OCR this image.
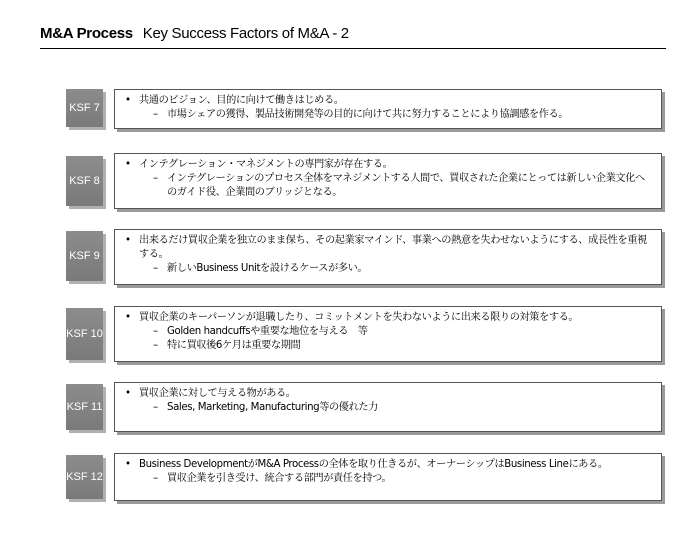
M&A Process Key Success Factors of M&A - 2
KSF 7
• 共通のビジョン、目的に向けて働きはじめる。
– 市場シェアの獲得、製品技術開発等の目的に向けて共に努力することにより協調感を作る。
KSF 8
• インテグレーション・マネジメントの専門家が存在する。
– インテグレーションのプロセス全体をマネジメントする人間で、買収された企業にとっては新しい企業文化へのガイド役、企業間のブリッジとなる。
KSF 9
• 出来るだけ買収企業を独立のまま保ち、その起業家マインド、事業への熱意を失わせないようにする、成長性を重視する。
– 新しいBusiness Unitを設けるケースが多い。
KSF 10
• 買収企業のキーパーソンが退職したり、コミットメントを失わないように出来る限りの対策をする。
– Golden handcuffsや重要な地位を与える　等
– 特に買収後6ケ月は重要な期間
KSF 11
• 買収企業に対して与える物がある。
– Sales, Marketing, Manufacturing等の優れた力
KSF 12
• Business DevelopmentがM&A Processの全体を取り仕きるが、オーナーシップはBusiness Lineにある。
– 買収企業を引き受け、統合する部門が責任を持つ。
